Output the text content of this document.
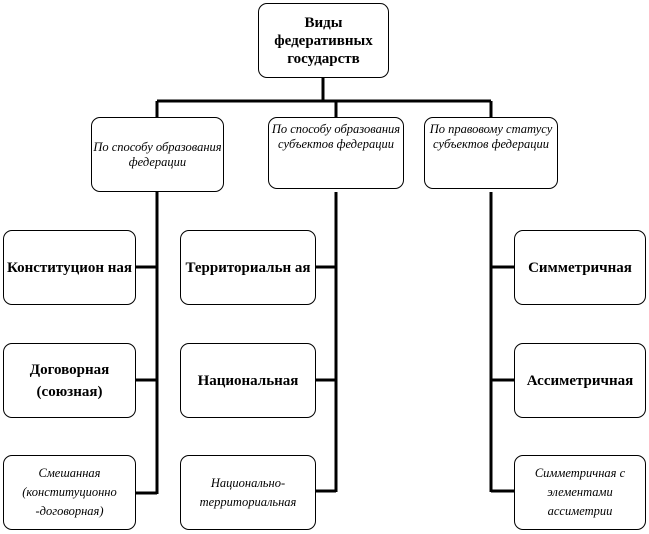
Виды федеративных государств
По способу образования федерации
По способу образования субъектов федерации
По правовому статусу субъектов федерации
Конституцион ная
Договорная (союзная)
Смешанная (конституционно -договорная)
Территориальн ая
Национальная
Национально-территориальная
Симметричная
Ассиметричная
Симметричная с элементами ассиметрии
